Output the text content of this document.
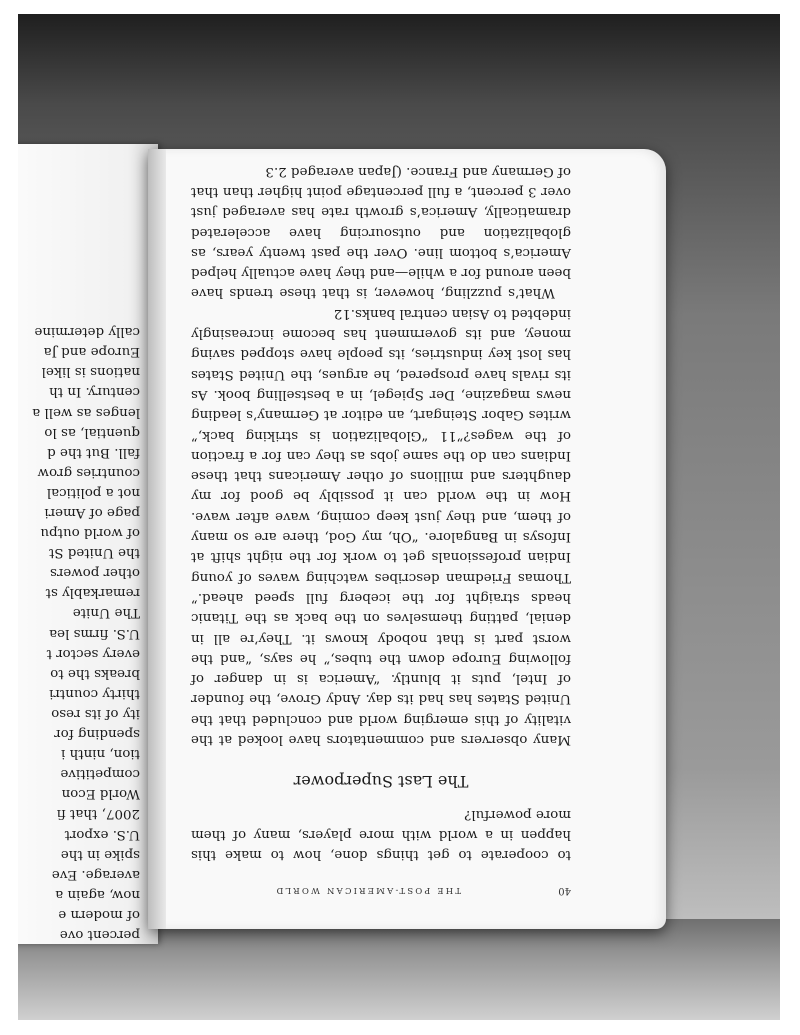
percent ove
of modern e
now, again a
average. Eve
spike in the
U.S. export
2007, that fi
World Econ
competitive
tion, ninth i
spending for
ity of its reso
thirty countri
breaks the to
every sector t
U.S. firms lea
The Unite
remarkably st
other powers
the United St
of world outpu
page of Ameri
not a political
countries grow
fall. But the d
quential, as lo
lenges as well a
century. In th
nations is likel
Europe and Ja
cally determine
40
THE POST-AMERICAN WORLD
to cooperate to get things done, how to make this happen in a world with more players, many of them more powerful?
The Last Superpower

Many observers and commentators have looked at the vitality of this emerging world and concluded that the United States has had its day. Andy Grove, the founder of Intel, puts it bluntly. “America is in danger of following Europe down the tubes,” he says, “and the worst part is that nobody knows it. They’re all in denial, patting themselves on the back as the Titanic heads straight for the iceberg full speed ahead.” Thomas Friedman describes watching waves of young Indian professionals get to work for the night shift at Infosys in Bangalore. “Oh, my God, there are so many of them, and they just keep coming, wave after wave. How in the world can it possibly be good for my daughters and millions of other Americans that these Indians can do the same jobs as they can for a fraction of the wages?”11 “Globalization is striking back,” writes Gabor Steingart, an editor at Germany’s leading news magazine, Der Spiegel, in a bestselling book. As its rivals have prospered, he argues, the United States has lost key industries, its people have stopped saving money, and its government has become increasingly indebted to Asian central banks.12

What’s puzzling, however, is that these trends have been around for a while—and they have actually helped America’s bottom line. Over the past twenty years, as globalization and outsourcing have accelerated dramatically, America’s growth rate has averaged just over 3 percent, a full percentage point higher than that of Germany and France. (Japan averaged 2.3
